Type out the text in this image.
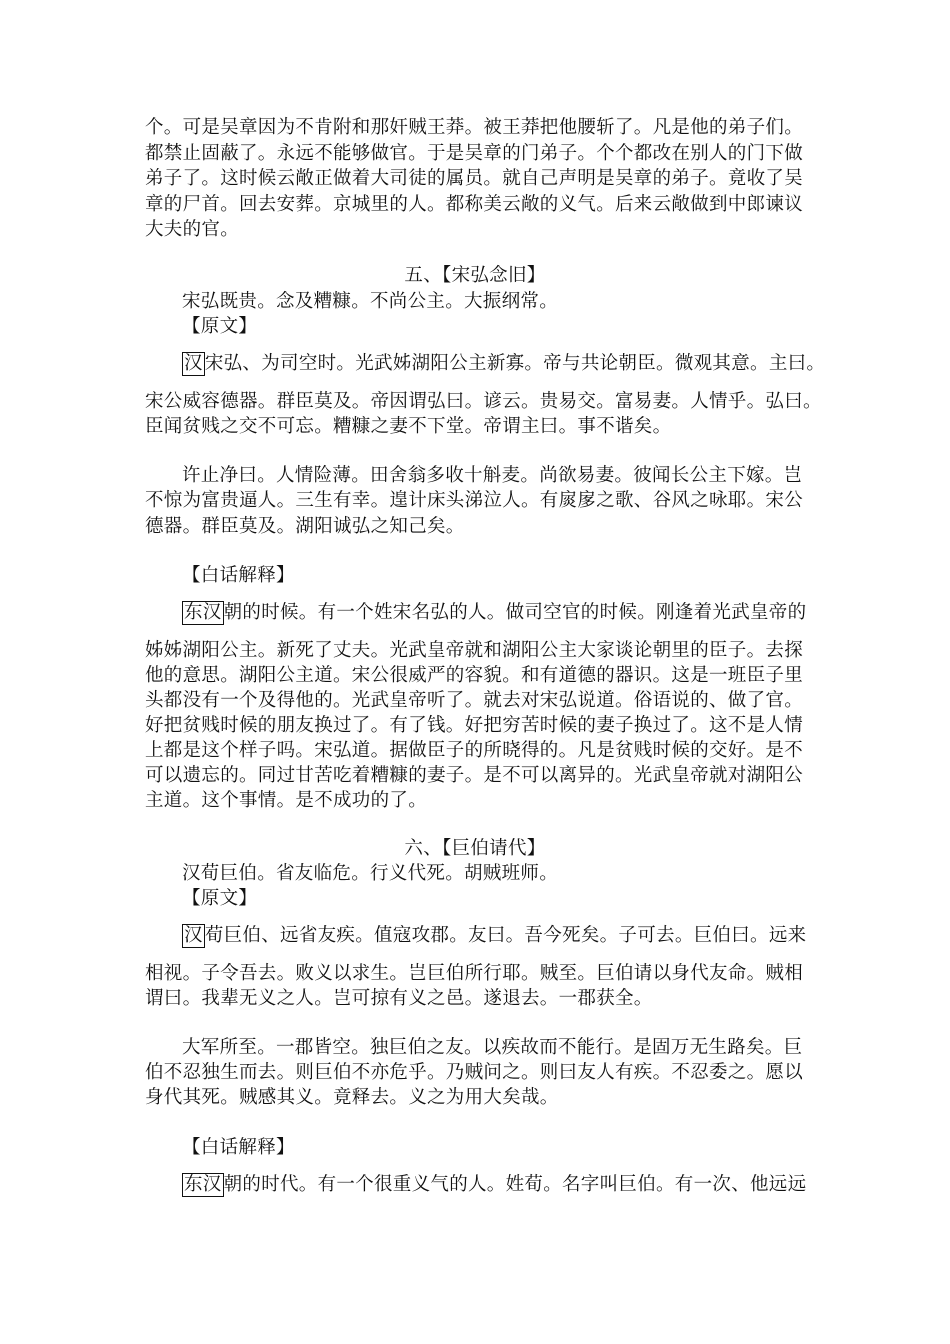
个。可是吴章因为不肯附和那奸贼王莽。被王莽把他腰斩了。凡是他的弟子们。
都禁止固蔽了。永远不能够做官。于是吴章的门弟子。个个都改在别人的门下做
弟子了。这时候云敞正做着大司徒的属员。就自己声明是吴章的弟子。竟收了吴
章的尸首。回去安葬。京城里的人。都称美云敞的义气。后来云敞做到中郎谏议
大夫的官。
五、【宋弘念旧】
宋弘既贵。念及糟糠。不尚公主。大振纲常。
【原文】
汉 宋弘、为司空时。光武姊湖阳公主新寡。帝与共论朝臣。微观其意。主曰。
宋公威容德器。群臣莫及。帝因谓弘曰。谚云。贵易交。富易妻。人情乎。弘曰。
臣闻贫贱之交不可忘。糟糠之妻不下堂。帝谓主曰。事不谐矣。
许止净曰。人情险薄。田舍翁多收十斛麦。尚欲易妻。彼闻长公主下嫁。岂
不惊为富贵逼人。三生有幸。遑计床头涕泣人。有扊扅之歌、谷风之咏耶。宋公
德器。群臣莫及。湖阳诚弘之知己矣。
【白话解释】
东汉 朝的时候。有一个姓宋名弘的人。做司空官的时候。刚逢着光武皇帝的
姊姊湖阳公主。新死了丈夫。光武皇帝就和湖阳公主大家谈论朝里的臣子。去探
他的意思。湖阳公主道。宋公很威严的容貌。和有道德的器识。这是一班臣子里
头都没有一个及得他的。光武皇帝听了。就去对宋弘说道。俗语说的、做了官。
好把贫贱时候的朋友换过了。有了钱。好把穷苦时候的妻子换过了。这不是人情
上都是这个样子吗。宋弘道。据做臣子的所晓得的。凡是贫贱时候的交好。是不
可以遗忘的。同过甘苦吃着糟糠的妻子。是不可以离异的。光武皇帝就对湖阳公
主道。这个事情。是不成功的了。
六、【巨伯请代】
汉荀巨伯。省友临危。行义代死。胡贼班师。
【原文】
汉 荀巨伯、远省友疾。值寇攻郡。友曰。吾今死矣。子可去。巨伯曰。远来
相视。子令吾去。败义以求生。岂巨伯所行耶。贼至。巨伯请以身代友命。贼相
谓曰。我辈无义之人。岂可掠有义之邑。遂退去。一郡获全。
大军所至。一郡皆空。独巨伯之友。以疾故而不能行。是固万无生路矣。巨
伯不忍独生而去。则巨伯不亦危乎。乃贼问之。则曰友人有疾。不忍委之。愿以
身代其死。贼感其义。竟释去。义之为用大矣哉。
【白话解释】
东汉 朝的时代。有一个很重义气的人。姓荀。名字叫巨伯。有一次、他远远
